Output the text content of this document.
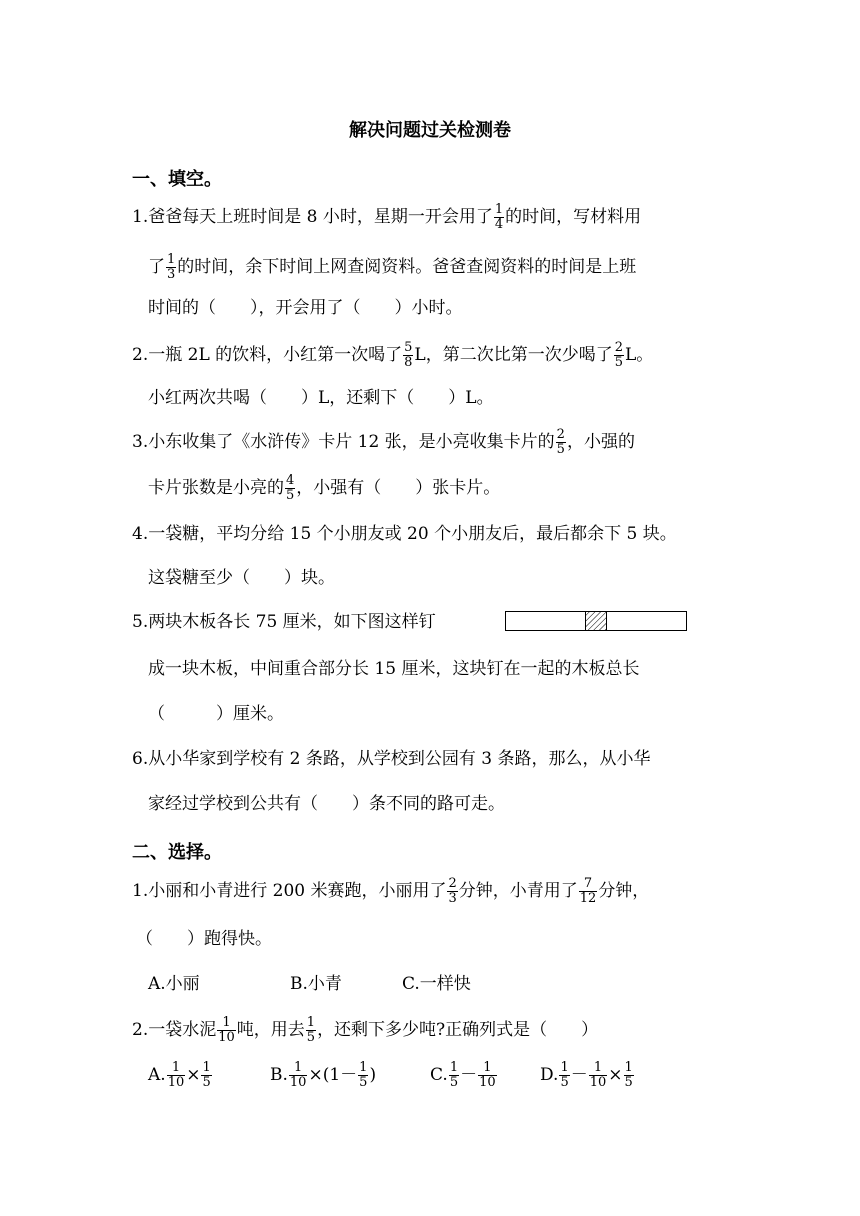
解决问题过关检测卷
一、填空。
1.爸爸每天上班时间是 8 小时，星期一开会用了 $\frac{1}{4}$ 的时间，写材料用
了 $\frac{1}{3}$ 的时间，余下时间上网查阅资料。爸爸查阅资料的时间是上班
时间的（　　），开会用了（　　）小时。
2.一瓶 2L 的饮料，小红第一次喝了 $\frac{5}{8}$ L，第二次比第一次少喝了 $\frac{2}{5}$ L。
小红两次共喝（　　）L，还剩下（　　）L。
3.小东收集了《水浒传》卡片 12 张，是小亮收集卡片的 $\frac{2}{5}$ ，小强的
卡片张数是小亮的 $\frac{4}{5}$ ，小强有（　　）张卡片。
4.一袋糖，平均分给 15 个小朋友或 20 个小朋友后，最后都余下 5 块。
这袋糖至少（　　）块。
5.两块木板各长 75 厘米，如下图这样钉
成一块木板，中间重合部分长 15 厘米，这块钉在一起的木板总长
（　　　）厘米。
6.从小华家到学校有 2 条路，从学校到公园有 3 条路，那么，从小华
家经过学校到公共有（　　）条不同的路可走。
二、选择。
1.小丽和小青进行 200 米赛跑，小丽用了 $\frac{2}{3}$ 分钟，小青用了 $\frac{7}{12}$ 分钟，
（　　）跑得快。
A.小丽	B.小青	C.一样快
2.一袋水泥 $\frac{1}{10}$ 吨，用去 $\frac{1}{5}$ ，还剩下多少吨?正确列式是（　　）
A. $\frac{1}{10} \times \frac{1}{5}$	B. $\frac{1}{10} \times(1- \frac{1}{5}$ )	C. $\frac{1}{5} - \frac{1}{10}$	D. $\frac{1}{5} - \frac{1}{10} \times \frac{1}{5}$
